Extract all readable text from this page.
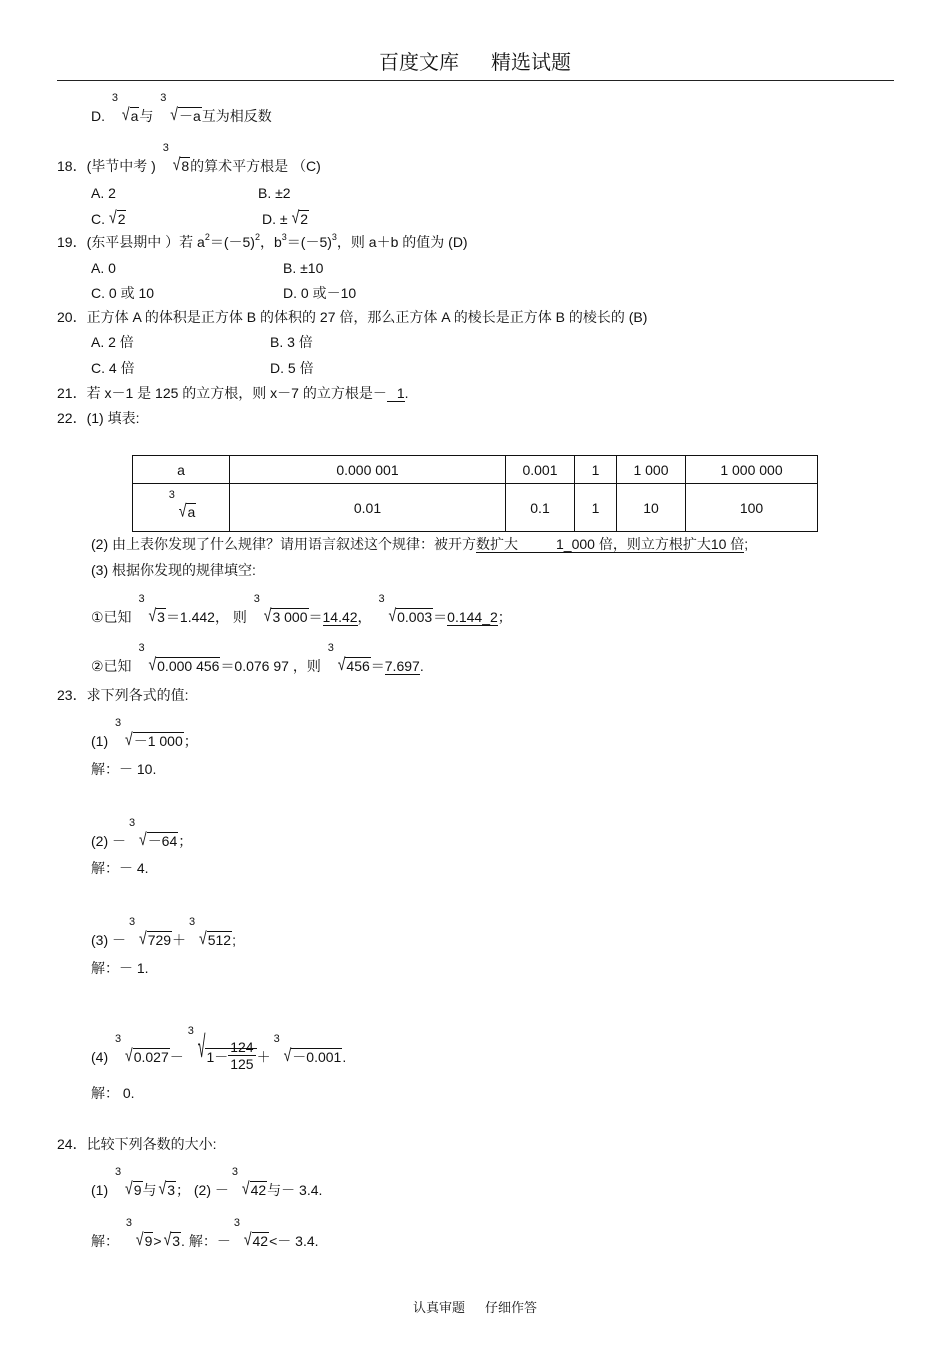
百度文库 精选试题
D.
3
√a与
3
√－a互为相反数
18．(毕节中考 )
3
√8的算术平方根是 （C)
A. 2	B. ±2
C. √2	D. ± √2
19．(东平县期中 ）若 $a^2=(-5)^2$，$b^3=(-5)^3$，则 a＋b 的值为 (D)
A. 0	B. ±10
C. 0 或 10	D. 0 或－10
20．正方体 A 的体积是正方体 B 的体积的 27 倍，那么正方体 A 的棱长是正方体 B 的棱长的 (B)
A. 2 倍	B. 3 倍
C. 4 倍	D. 5 倍
21．若 x－1 是 125 的立方根，则 x－7 的立方根是－ 1.
22．(1) 填表:
a	0.000 001	0.001	1	1 000	1 000 000

3
√a	0.01	0.1	1	10	100
(2) 由上表你发现了什么规律？请用语言叙述这个规律：被开方数扩大	1_000 倍，则立方根扩大10 倍;
(3) 根据你发现的规律填空:
①已知
3
√3＝1.442， 则
3
√3 000＝14.42，
3
√0.003＝0.144_2；
②已知
3
√0.000 456＝0.076 97 ，则
3
√456＝7.697.
23．求下列各式的值:
(1)
3
√－1 000；
解：－ 10.
(2) －
3
√－64；
解：－ 4.
(3) －
3
√729＋
3
√512;
解：－ 1.
(4)
3
√0.027－
3 $√1- \frac{124}{125}$ ＋
3
√－0.001.
解： 0.
24．比较下列各数的大小:
(1)
3
√9与 √3； (2) －
3
√42与－ 3.4.
解：
3
√9> √3. 解：－
3
√42<－ 3.4.
认真审题 仔细作答
